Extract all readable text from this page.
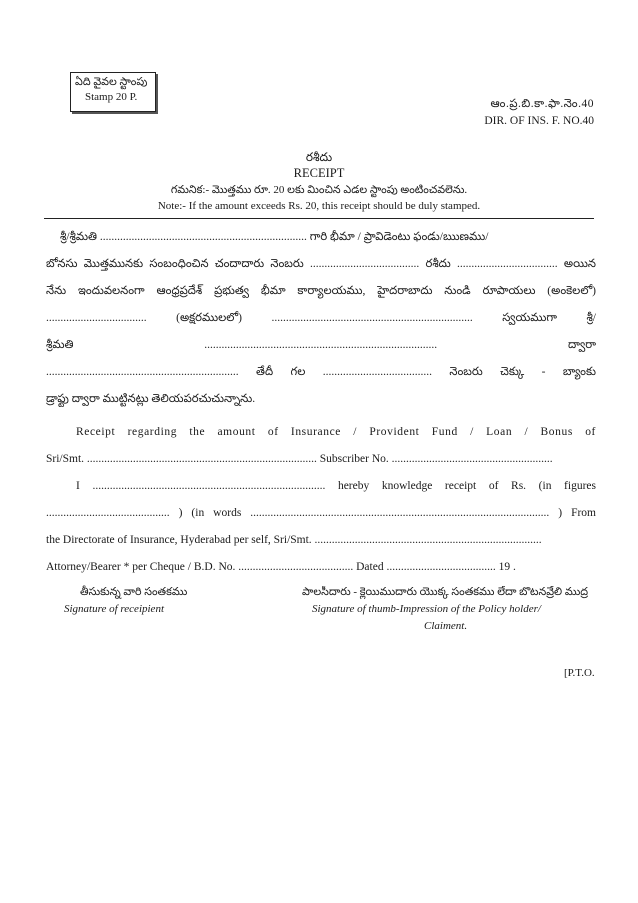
ఏది వైవల స్టాంపు
Stamp 20 P.
ఆం.ప్ర.బి.కా.ఫా.నెం.40
DIR. OF INS. F. NO.40
రశీదు
RECEIPT
గమనిక:- మొత్తము రూ. 20 లకు మించిన ఎడల స్టాంపు అంటించవలెను.
Note:- If the amount exceeds Rs. 20, this receipt should be duly stamped.
శ్రీ/శ్రీమతి ........................................................................ గారి భీమా / ప్రావిడెంటు ఫండు/ఋణము/
బోనసు మొత్తమునకు సంబంధించిన చందాదారు నెంబరు ...................................... రశీదు ................................... అయిన
నేను ఇందువలనంగా ఆంధ్రప్రదేశ్ ప్రభుత్వ భీమా కార్యాలయము, హైదరాబాదు నుండి రూపాయలు (అంకెలలో)
................................... (అక్షరములలో) ...................................................................... స్వయముగా శ్రీ/
శ్రీమతి ................................................................................. ద్వారా
................................................................... తేదీ గల ...................................... నెంబరు చెక్కు - బ్యాంకు
డ్రాఫ్టు ద్వారా ముట్టినట్లు తెలియపరచుచున్నాను.
Receipt regarding the amount of Insurance / Provident Fund / Loan / Bonus of
Sri/Smt. ................................................................................ Subscriber No. ........................................................
I ................................................................................. hereby knowledge receipt of Rs. (in figures
........................................... ) (in words ........................................................................................................ ) From
the Directorate of Insurance, Hyderabad per self, Sri/Smt. ...............................................................................
Attorney/Bearer * per Cheque / B.D. No. ........................................ Dated ...................................... 19 .
తీసుకున్న వారి సంతకము
Signature of receipient
పాలసీదారు - క్లెయిముదారు యొక్క సంతకము లేదా బొటనవ్రేలి ముద్ర
Signature of thumb-Impression of the Policy holder/
Claiment.
[P.T.O.
